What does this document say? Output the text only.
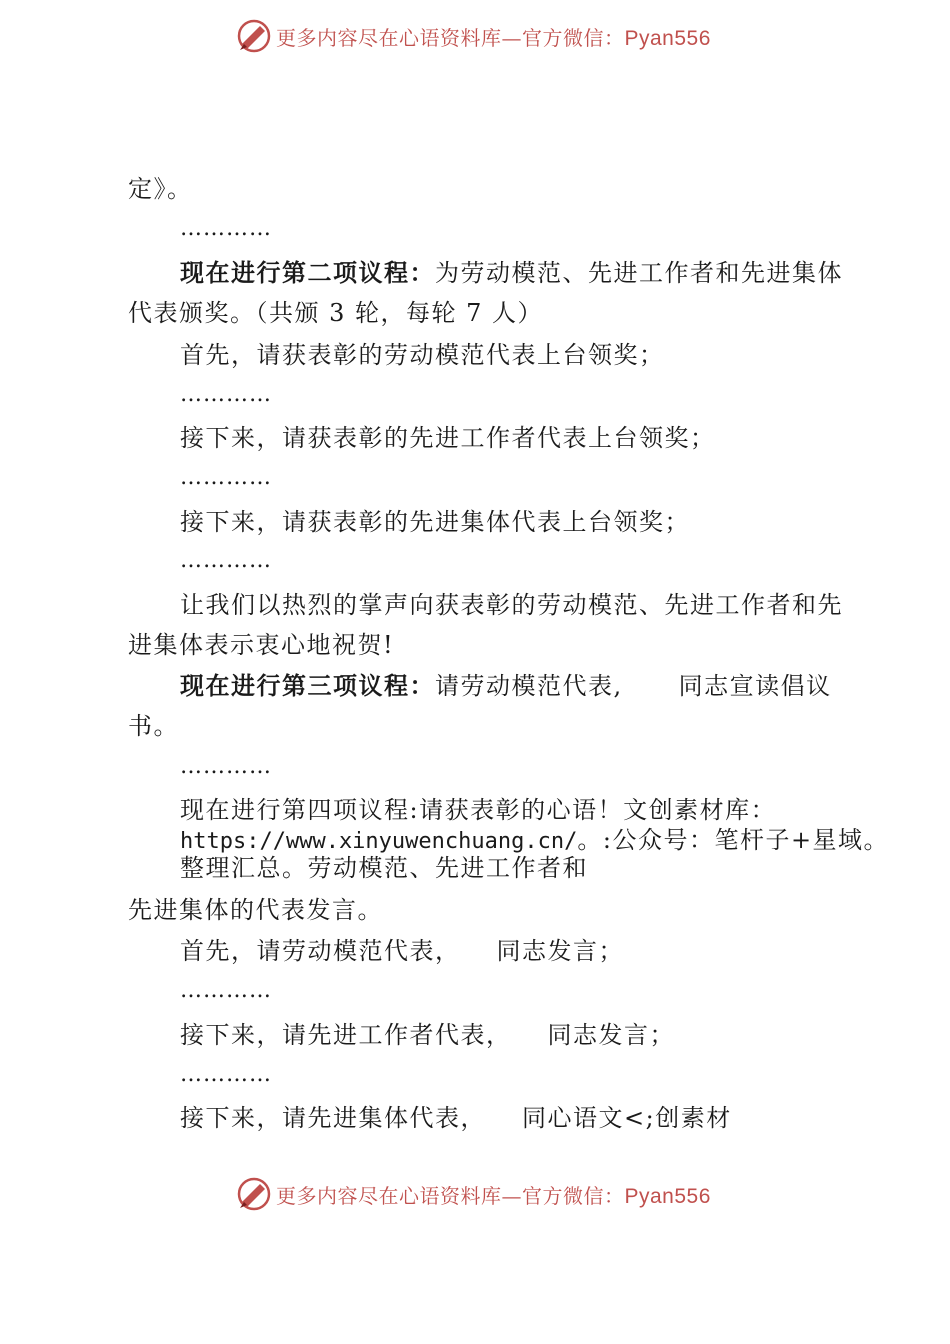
更多内容尽在心语资料库—官方微信：Pyan556
定》。
…………
现在进行第二项议程：为劳动模范、先进工作者和先进集体
代表颁奖。（共颁 3 轮，每轮 7 人）
首先，请获表彰的劳动模范代表上台领奖；
…………
接下来，请获表彰的先进工作者代表上台领奖；
…………
接下来，请获表彰的先进集体代表上台领奖；
…………
让我们以热烈的掌声向获表彰的劳动模范、先进工作者和先
进集体表示衷心地祝贺!
现在进行第三项议程：请劳动模范代表, 同志宣读倡议
书。
…………
现在进行第四项议程:请获表彰的心语！文创素材库：
https://www.xinyuwenchuang.cn/。:公众号：笔杆子+星域。
整理汇总。劳动模范、先进工作者和
先进集体的代表发言。
首先，请劳动模范代表， 同志发言；
…………
接下来，请先进工作者代表， 同志发言；
…………
接下来，请先进集体代表， 同心语文<;创素材
更多内容尽在心语资料库—官方微信：Pyan556
